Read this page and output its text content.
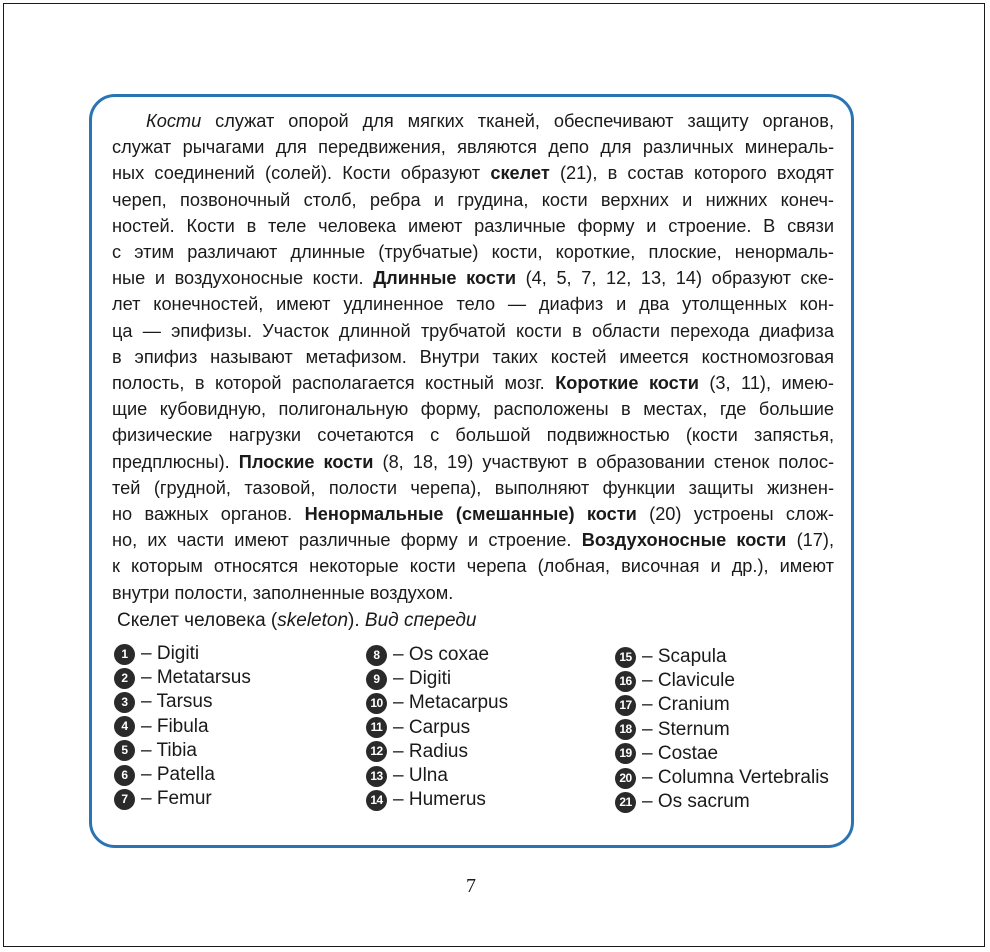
Кости служат опорой для мягких тканей, обеспечивают защиту органов,
служат рычагами для передвижения, являются депо для различных минераль-
ных соединений (солей). Кости образуют скелет (21), в состав которого входят
череп, позвоночный столб, ребра и грудина, кости верхних и нижних конеч-
ностей. Кости в теле человека имеют различные форму и строение. В связи
с этим различают длинные (трубчатые) кости, короткие, плоские, ненормаль-
ные и воздухоносные кости. Длинные кости (4, 5, 7, 12, 13, 14) образуют ске-
лет конечностей, имеют удлиненное тело — диафиз и два утолщенных кон-
ца — эпифизы. Участок длинной трубчатой кости в области перехода диафиза
в эпифиз называют метафизом. Внутри таких костей имеется костномозговая
полость, в которой располагается костный мозг. Короткие кости (3, 11), имею-
щие кубовидную, полигональную форму, расположены в местах, где большие
физические нагрузки сочетаются с большой подвижностью (кости запястья,
предплюсны). Плоские кости (8, 18, 19) участвуют в образовании стенок полос-
тей (грудной, тазовой, полости черепа), выполняют функции защиты жизнен-
но важных органов. Ненормальные (смешанные) кости (20) устроены слож-
но, их части имеют различные форму и строение. Воздухоносные кости (17),
к которым относятся некоторые кости черепа (лобная, височная и др.), имеют
внутри полости, заполненные воздухом.
Скелет человека (skeleton). Вид спереди
1 – Digiti
2 – Metatarsus
3 – Tarsus
4 – Fibula
5 – Tibia
6 – Patella
7 – Femur
8 – Os coxae
9 – Digiti
10 – Metacarpus
11 – Carpus
12 – Radius
13 – Ulna
14 – Humerus
15 – Scapula
16 – Clavicule
17 – Cranium
18 – Sternum
19 – Costae
20 – Columna Vertebralis
21 – Os sacrum
7
